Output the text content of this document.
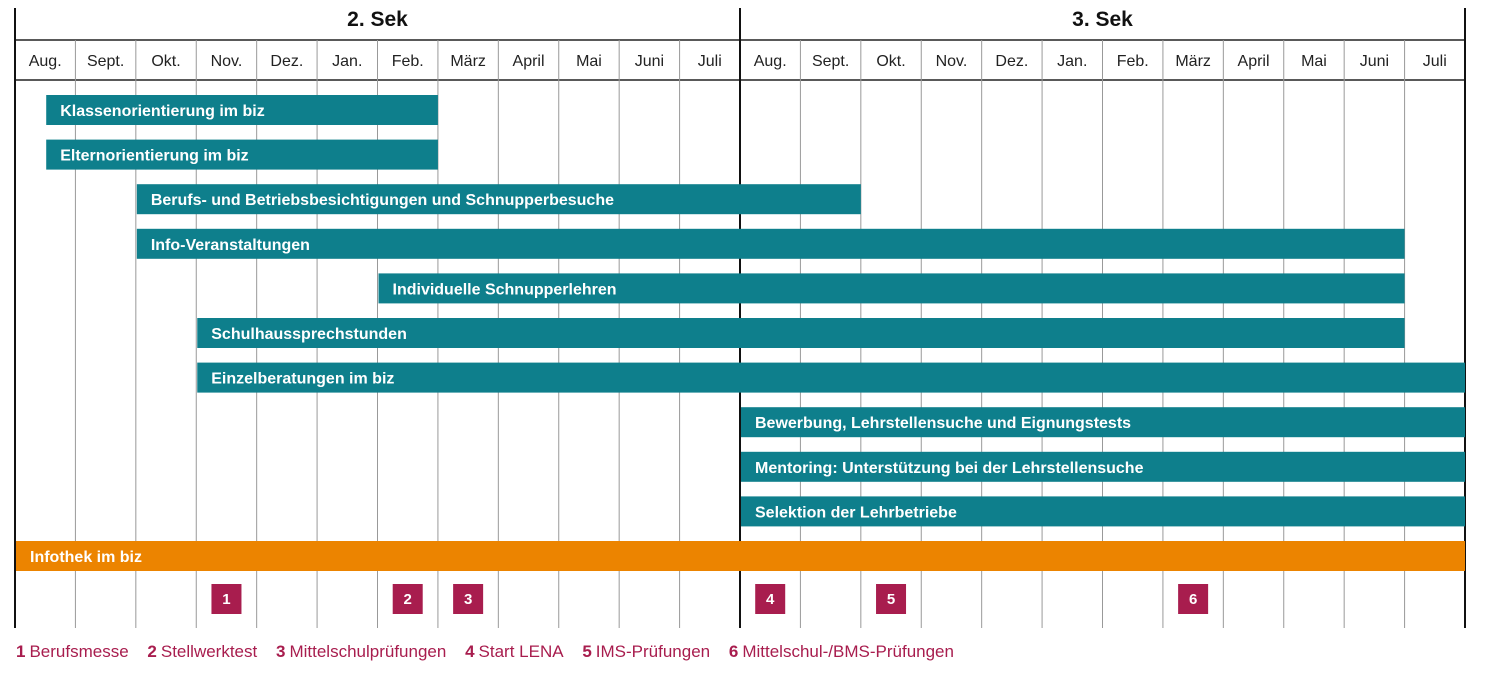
2. Sek	3. Sek
Aug. Sept. Okt. Nov. Dez. Jan. Feb. März April Mai Juni Juli Aug. Sept. Okt. Nov. Dez. Jan. Feb. März April Mai Juni Juli
Klassenorientierung im biz
Elternorientierung im biz
Berufs- und Betriebsbesichtigungen und Schnupperbesuche
Info-Veranstaltungen
Individuelle Schnupperlehren
Schulhaussprechstunden
Einzelberatungen im biz
Bewerbung, Lehrstellensuche und Eignungstests
Mentoring: Unterstützung bei der Lehrstellensuche
Selektion der Lehrbetriebe
Infothek im biz
1	2	3	4	5	6
1 Berufsmesse 2 Stellwerktest 3 Mittelschulprüfungen 4 Start LENA 5 IMS-Prüfungen 6 Mittelschul-/BMS-Prüfungen
